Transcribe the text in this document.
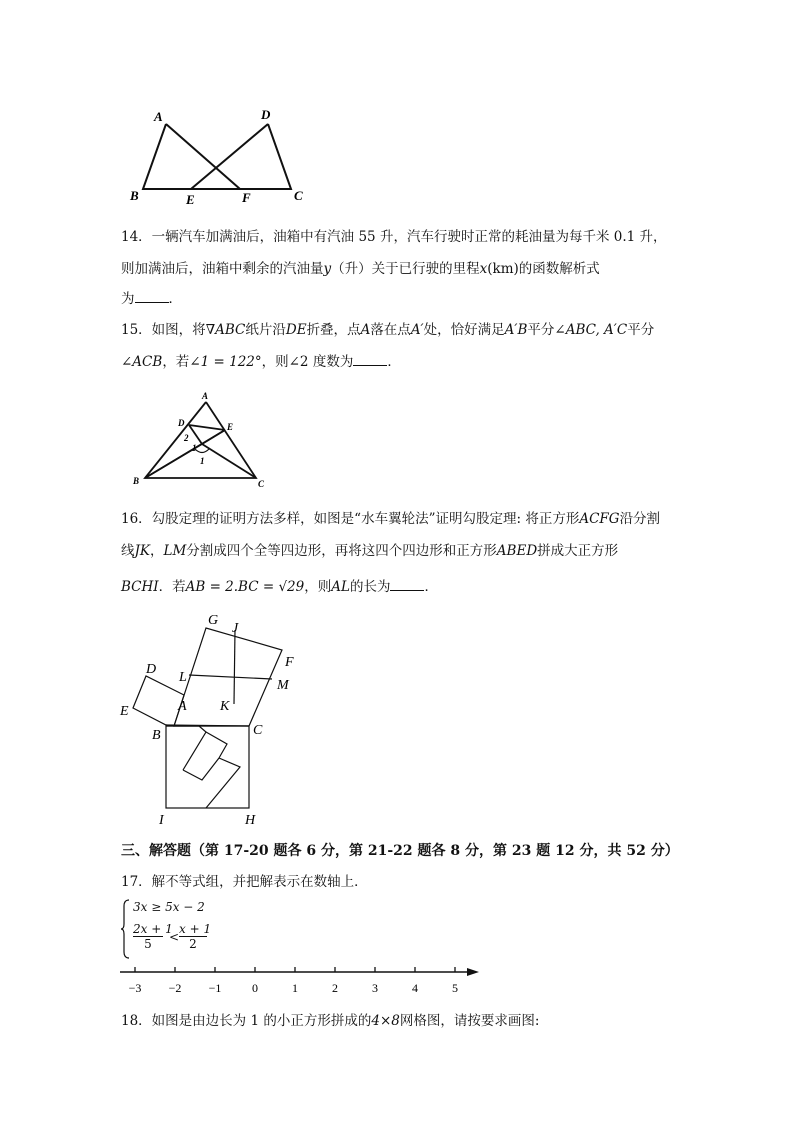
A	D
B	E	F	C
14．一辆汽车加满油后，油箱中有汽油 55 升，汽车行驶时正常的耗油量为每千米 0.1 升，
则加满油后，油箱中剩余的汽油量y（升）关于已行驶的里程x(km)的函数解析式
为	．
15．如图，将∇ABC纸片沿DE折叠，点A落在点A′处，恰好满足A′B平分∠ABC, A′C平分
∠ACB，若∠1 = 122°，则∠2 度数为	．
A
D	E
2
1
1
B	C
16．勾股定理的证明方法多样，如图是“水车翼轮法”证明勾股定理: 将正方形ACFG沿分割
线JK，LM分割成四个全等四边形，再将这四个四边形和正方形ABED拼成大正方形
BCHI．若AB = 2.BC = √29，则AL的长为	．
G
J
F
D
L
M
E	A K
B	C
I	H
三、解答题（第 17-20 题各 6 分，第 21-22 题各 8 分，第 23 题 12 分，共 52 分）
17．解不等式组，并把解表示在数轴上．
3x ≥ 5x − 2
$\frac{2x + 1}{5} < \frac{x + 1}{2}$
−3 −2 −1	0	1	2	3	4	5
18．如图是由边长为 1 的小正方形拼成的4×8网格图，请按要求画图:
